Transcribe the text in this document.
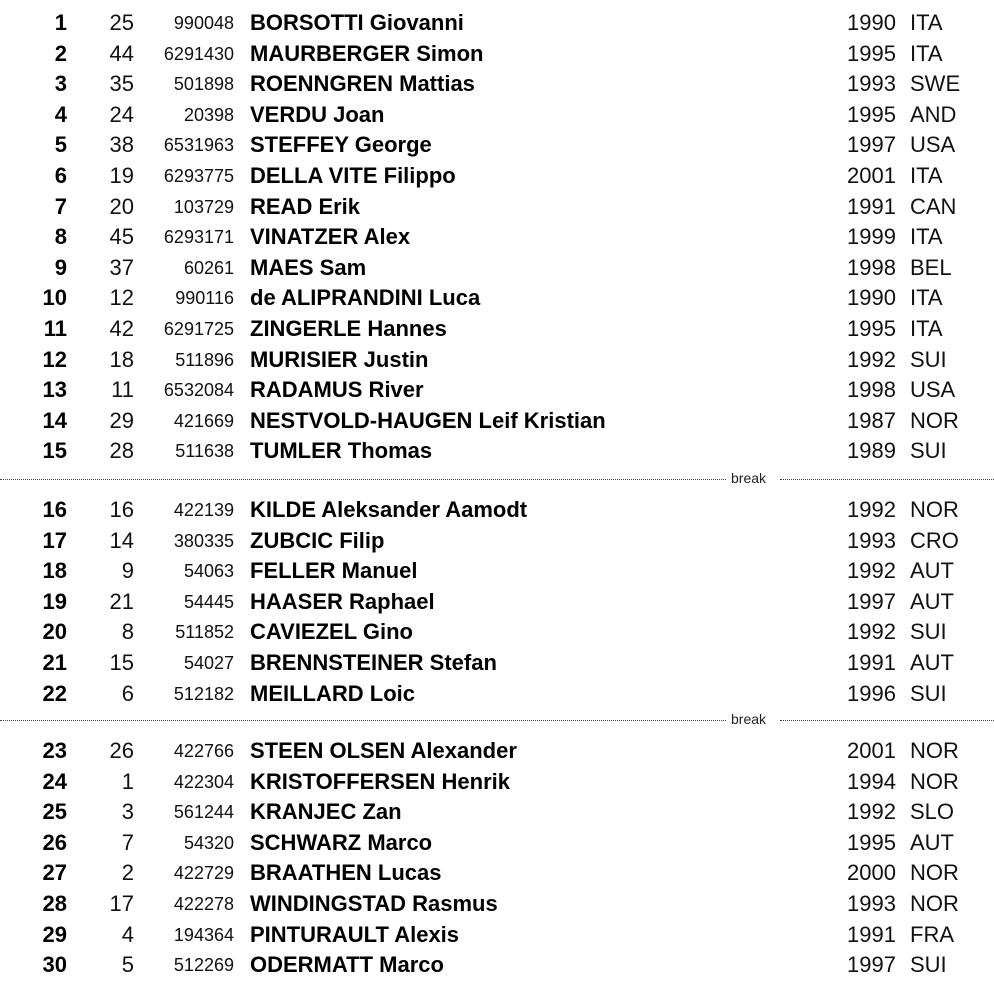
1 25 990048 BORSOTTI Giovanni	1990 ITA
2 44 6291430 MAURBERGER Simon	1995 ITA
3 35 501898 ROENNGREN Mattias	1993 SWE
4 24	20398 VERDU Joan	1995 AND
5 38 6531963 STEFFEY George	1997 USA
6 19 6293775 DELLA VITE Filippo	2001 ITA
7 20 103729 READ Erik	1991 CAN
8 45 6293171 VINATZER Alex	1999 ITA
9 37	60261 MAES Sam	1998 BEL
10 12 990116 de ALIPRANDINI Luca	1990 ITA
11 42 6291725 ZINGERLE Hannes	1995 ITA
12 18 511896 MURISIER Justin	1992 SUI
13 11 6532084 RADAMUS River	1998 USA
14 29 421669 NESTVOLD-HAUGEN Leif Kristian	1987 NOR
15 28 511638 TUMLER Thomas	1989 SUI
break
16 16 422139 KILDE Aleksander Aamodt	1992 NOR
17 14 380335 ZUBCIC Filip	1993 CRO
18 9	54063 FELLER Manuel	1992 AUT
19 21	54445 HAASER Raphael	1997 AUT
20 8 511852 CAVIEZEL Gino	1992 SUI
21 15	54027 BRENNSTEINER Stefan	1991 AUT
22 6 512182 MEILLARD Loic	1996 SUI
break
23 26 422766 STEEN OLSEN Alexander	2001 NOR
24 1 422304 KRISTOFFERSEN Henrik	1994 NOR
25 3 561244 KRANJEC Zan	1992 SLO
26 7	54320 SCHWARZ Marco	1995 AUT
27 2 422729 BRAATHEN Lucas	2000 NOR
28 17 422278 WINDINGSTAD Rasmus	1993 NOR
29 4 194364 PINTURAULT Alexis	1991 FRA
30 5 512269 ODERMATT Marco	1997 SUI
